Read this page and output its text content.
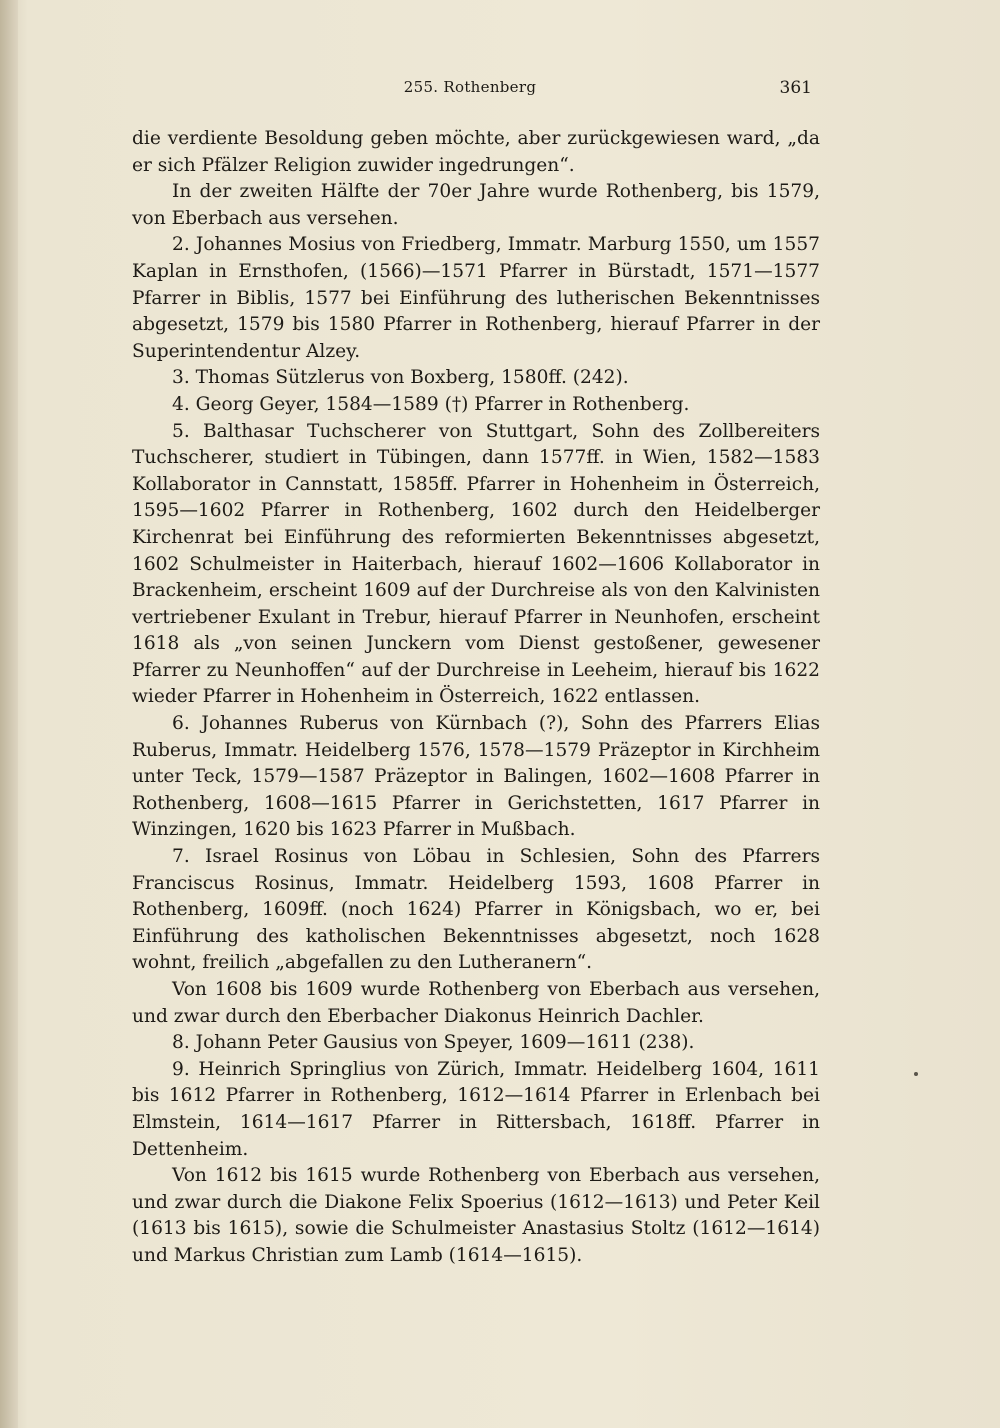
255. Rothenberg	361

die verdiente Besoldung geben möchte, aber zurückgewiesen ward, „da er sich Pfälzer Religion zuwider ingedrungen“.

In der zweiten Hälfte der 70er Jahre wurde Rothenberg, bis 1579, von Eberbach aus versehen.

2. Johannes Mosius von Friedberg, Immatr. Marburg 1550, um 1557 Kaplan in Ernsthofen, (1566)—1571 Pfarrer in Bürstadt, 1571—1577 Pfarrer in Biblis, 1577 bei Einführung des lutherischen Bekenntnisses abgesetzt, 1579 bis 1580 Pfarrer in Rothenberg, hierauf Pfarrer in der Superintendentur Alzey.

3. Thomas Sützlerus von Boxberg, 1580ff. (242).

4. Georg Geyer, 1584—1589 (†) Pfarrer in Rothenberg.

5. Balthasar Tuchscherer von Stuttgart, Sohn des Zollbereiters Tuchscherer, studiert in Tübingen, dann 1577ff. in Wien, 1582—1583 Kollaborator in Cannstatt, 1585ff. Pfarrer in Hohenheim in Österreich, 1595—1602 Pfarrer in Rothenberg, 1602 durch den Heidelberger Kirchenrat bei Einführung des reformierten Bekenntnisses abgesetzt, 1602 Schulmeister in Haiterbach, hierauf 1602—1606 Kollaborator in Brackenheim, erscheint 1609 auf der Durchreise als von den Kalvinisten vertriebener Exulant in Trebur, hierauf Pfarrer in Neunhofen, erscheint 1618 als „von seinen Junckern vom Dienst gestoßener, gewesener Pfarrer zu Neunhoffen“ auf der Durchreise in Leeheim, hierauf bis 1622 wieder Pfarrer in Hohenheim in Österreich, 1622 entlassen.

6. Johannes Ruberus von Kürnbach (?), Sohn des Pfarrers Elias Ruberus, Immatr. Heidelberg 1576, 1578—1579 Präzeptor in Kirchheim unter Teck, 1579—1587 Präzeptor in Balingen, 1602—1608 Pfarrer in Rothenberg, 1608—1615 Pfarrer in Gerichstetten, 1617 Pfarrer in Winzingen, 1620 bis 1623 Pfarrer in Mußbach.

7. Israel Rosinus von Löbau in Schlesien, Sohn des Pfarrers Franciscus Rosinus, Immatr. Heidelberg 1593, 1608 Pfarrer in Rothenberg, 1609ff. (noch 1624) Pfarrer in Königsbach, wo er, bei Einführung des katholischen Bekenntnisses abgesetzt, noch 1628 wohnt, freilich „abgefallen zu den Lutheranern“.

Von 1608 bis 1609 wurde Rothenberg von Eberbach aus versehen, und zwar durch den Eberbacher Diakonus Heinrich Dachler.

8. Johann Peter Gausius von Speyer, 1609—1611 (238).

9. Heinrich Springlius von Zürich, Immatr. Heidelberg 1604, 1611 bis 1612 Pfarrer in Rothenberg, 1612—1614 Pfarrer in Erlenbach bei Elmstein, 1614—1617 Pfarrer in Rittersbach, 1618ff. Pfarrer in Dettenheim.

Von 1612 bis 1615 wurde Rothenberg von Eberbach aus versehen, und zwar durch die Diakone Felix Spoerius (1612—1613) und Peter Keil (1613 bis 1615), sowie die Schulmeister Anastasius Stoltz (1612—1614) und Markus Christian zum Lamb (1614—1615).
